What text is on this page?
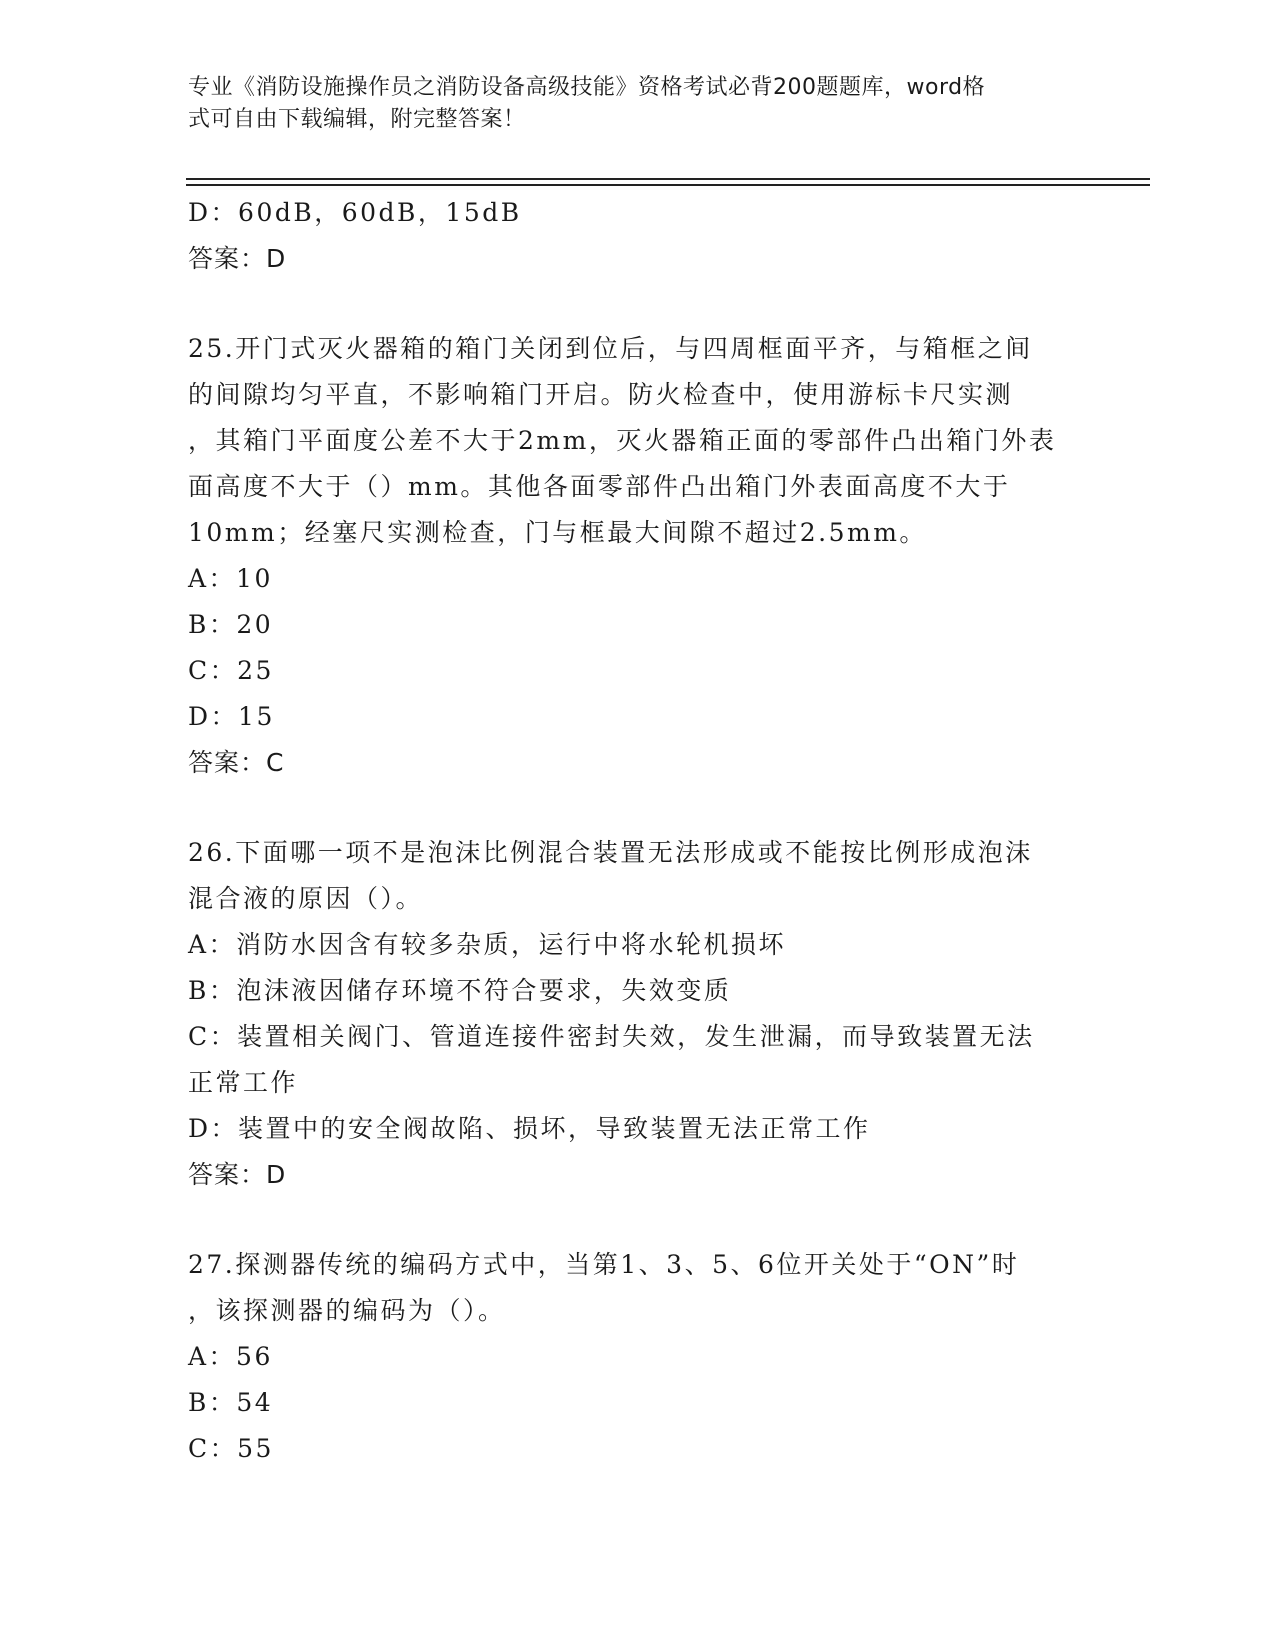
专业《消防设施操作员之消防设备高级技能》资格考试必背200题题库，word格
式可自由下载编辑，附完整答案！
D：60dB，60dB，15dB
答案：D
25.开门式灭火器箱的箱门关闭到位后，与四周框面平齐，与箱框之间
的间隙均匀平直，不影响箱门开启。防火检查中，使用游标卡尺实测
，其箱门平面度公差不大于2mm，灭火器箱正面的零部件凸出箱门外表
面高度不大于（）mm。其他各面零部件凸出箱门外表面高度不大于
10mm；经塞尺实测检查，门与框最大间隙不超过2.5mm。
A：10
B：20
C：25
D：15
答案：C
26.下面哪一项不是泡沫比例混合装置无法形成或不能按比例形成泡沫
混合液的原因（）。
A：消防水因含有较多杂质，运行中将水轮机损坏
B：泡沫液因储存环境不符合要求，失效变质
C：装置相关阀门、管道连接件密封失效，发生泄漏，而导致装置无法
正常工作
D：装置中的安全阀故陷、损坏，导致装置无法正常工作
答案：D
27.探测器传统的编码方式中，当第1、3、5、6位开关处于“ON”时
，该探测器的编码为（）。
A：56
B：54
C：55
